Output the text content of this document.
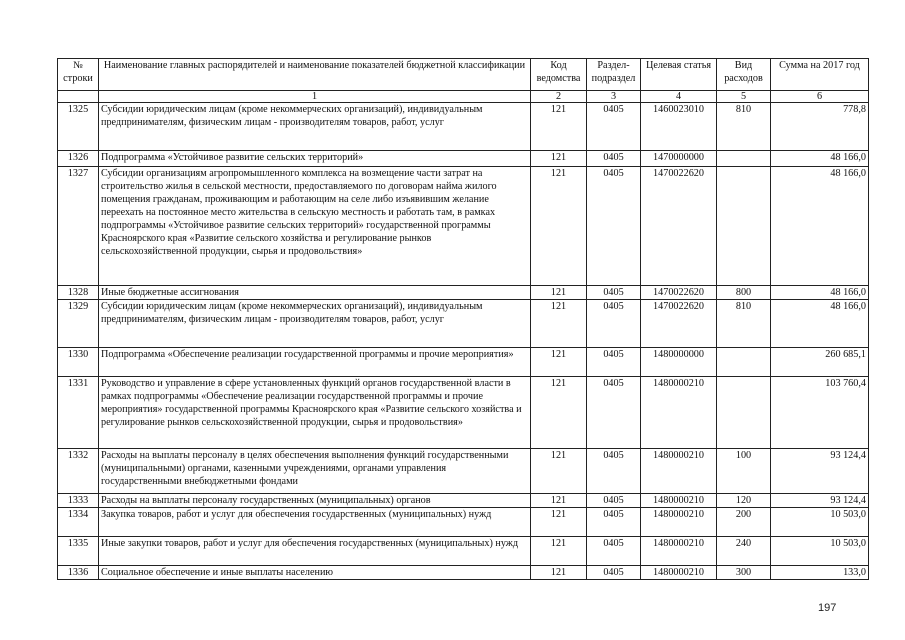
№ строки	Наименование главных распорядителей и наименование показателей бюджетной классификации	Код ведомства	Раздел-подраздел	Целевая статья	Вид расходов	Сумма на 2017 год
	1	2	3	4	5	6
1325	Субсидии юридическим лицам (кроме некоммерческих организаций), индивидуальным предпринимателям, физическим лицам - производителям товаров, работ, услуг	121	0405	1460023010	810	778,8
1326	Подпрограмма «Устойчивое развитие сельских территорий»	121	0405	1470000000		48 166,0
1327	Субсидии организациям агропромышленного комплекса на возмещение части затрат на строительство жилья в сельской местности, предоставляемого по договорам найма жилого помещения гражданам, проживающим и работающим на селе либо изъявившим желание переехать на постоянное место жительства в сельскую местность и работать там, в рамках подпрограммы «Устойчивое развитие сельских территорий» государственной программы Красноярского края «Развитие сельского хозяйства и регулирование рынков сельскохозяйственной продукции, сырья и продовольствия»	121	0405	1470022620		48 166,0
1328	Иные бюджетные ассигнования	121	0405	1470022620	800	48 166,0
1329	Субсидии юридическим лицам (кроме некоммерческих организаций), индивидуальным предпринимателям, физическим лицам - производителям товаров, работ, услуг	121	0405	1470022620	810	48 166,0
1330	Подпрограмма «Обеспечение реализации государственной программы и прочие мероприятия»	121	0405	1480000000		260 685,1
1331	Руководство и управление в сфере установленных функций органов государственной власти в рамках подпрограммы «Обеспечение реализации государственной программы и прочие мероприятия» государственной программы Красноярского края «Развитие сельского хозяйства и регулирование рынков сельскохозяйственной продукции, сырья и продовольствия»	121	0405	1480000210		103 760,4
1332	Расходы на выплаты персоналу в целях обеспечения выполнения функций государственными (муниципальными) органами, казенными учреждениями, органами управления государственными внебюджетными фондами	121	0405	1480000210	100	93 124,4
1333	Расходы на выплаты персоналу государственных (муниципальных) органов	121	0405	1480000210	120	93 124,4
1334	Закупка товаров, работ и услуг для обеспечения государственных (муниципальных) нужд	121	0405	1480000210	200	10 503,0
1335	Иные закупки товаров, работ и услуг для обеспечения государственных (муниципальных) нужд	121	0405	1480000210	240	10 503,0
1336	Социальное обеспечение и иные выплаты населению	121	0405	1480000210	300	133,0
197
